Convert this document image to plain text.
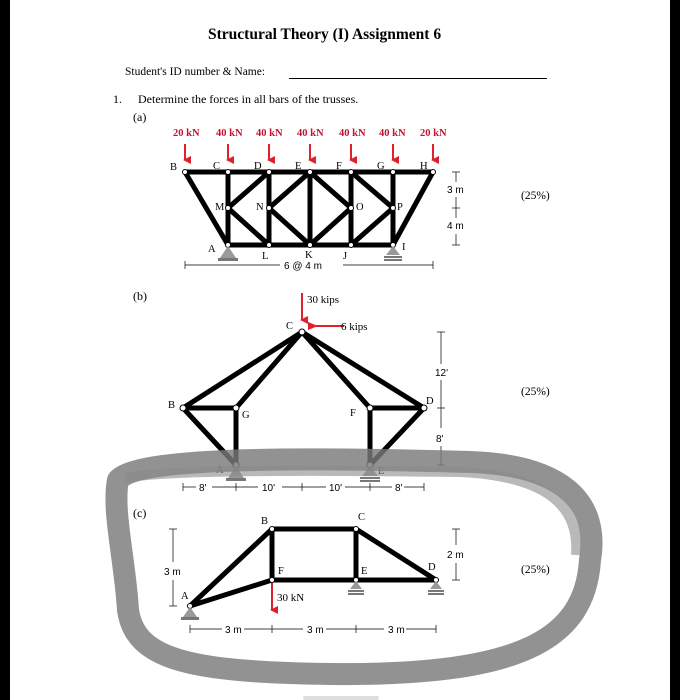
Structural Theory (I) Assignment 6
Student's ID number & Name:
1. Determine the forces in all bars of the trusses.
(a)
(b)
(c)
(25%)
(25%)
(25%)
20 kN 40 kN 40 kN 40 kN 40 kN 40 kN 20 kN
A
B	C	D	E	F	G	H
I
J
K
L
M	N	O	P
6 @ 4 m
3 m
4 m
30 kips
6 kips
A
B
C
D
E
F
G
8'	10'	10'	8'
12'
8'
30 kN
A
B	C
D
E
F
3 m	3 m	3 m
3 m
2 m
